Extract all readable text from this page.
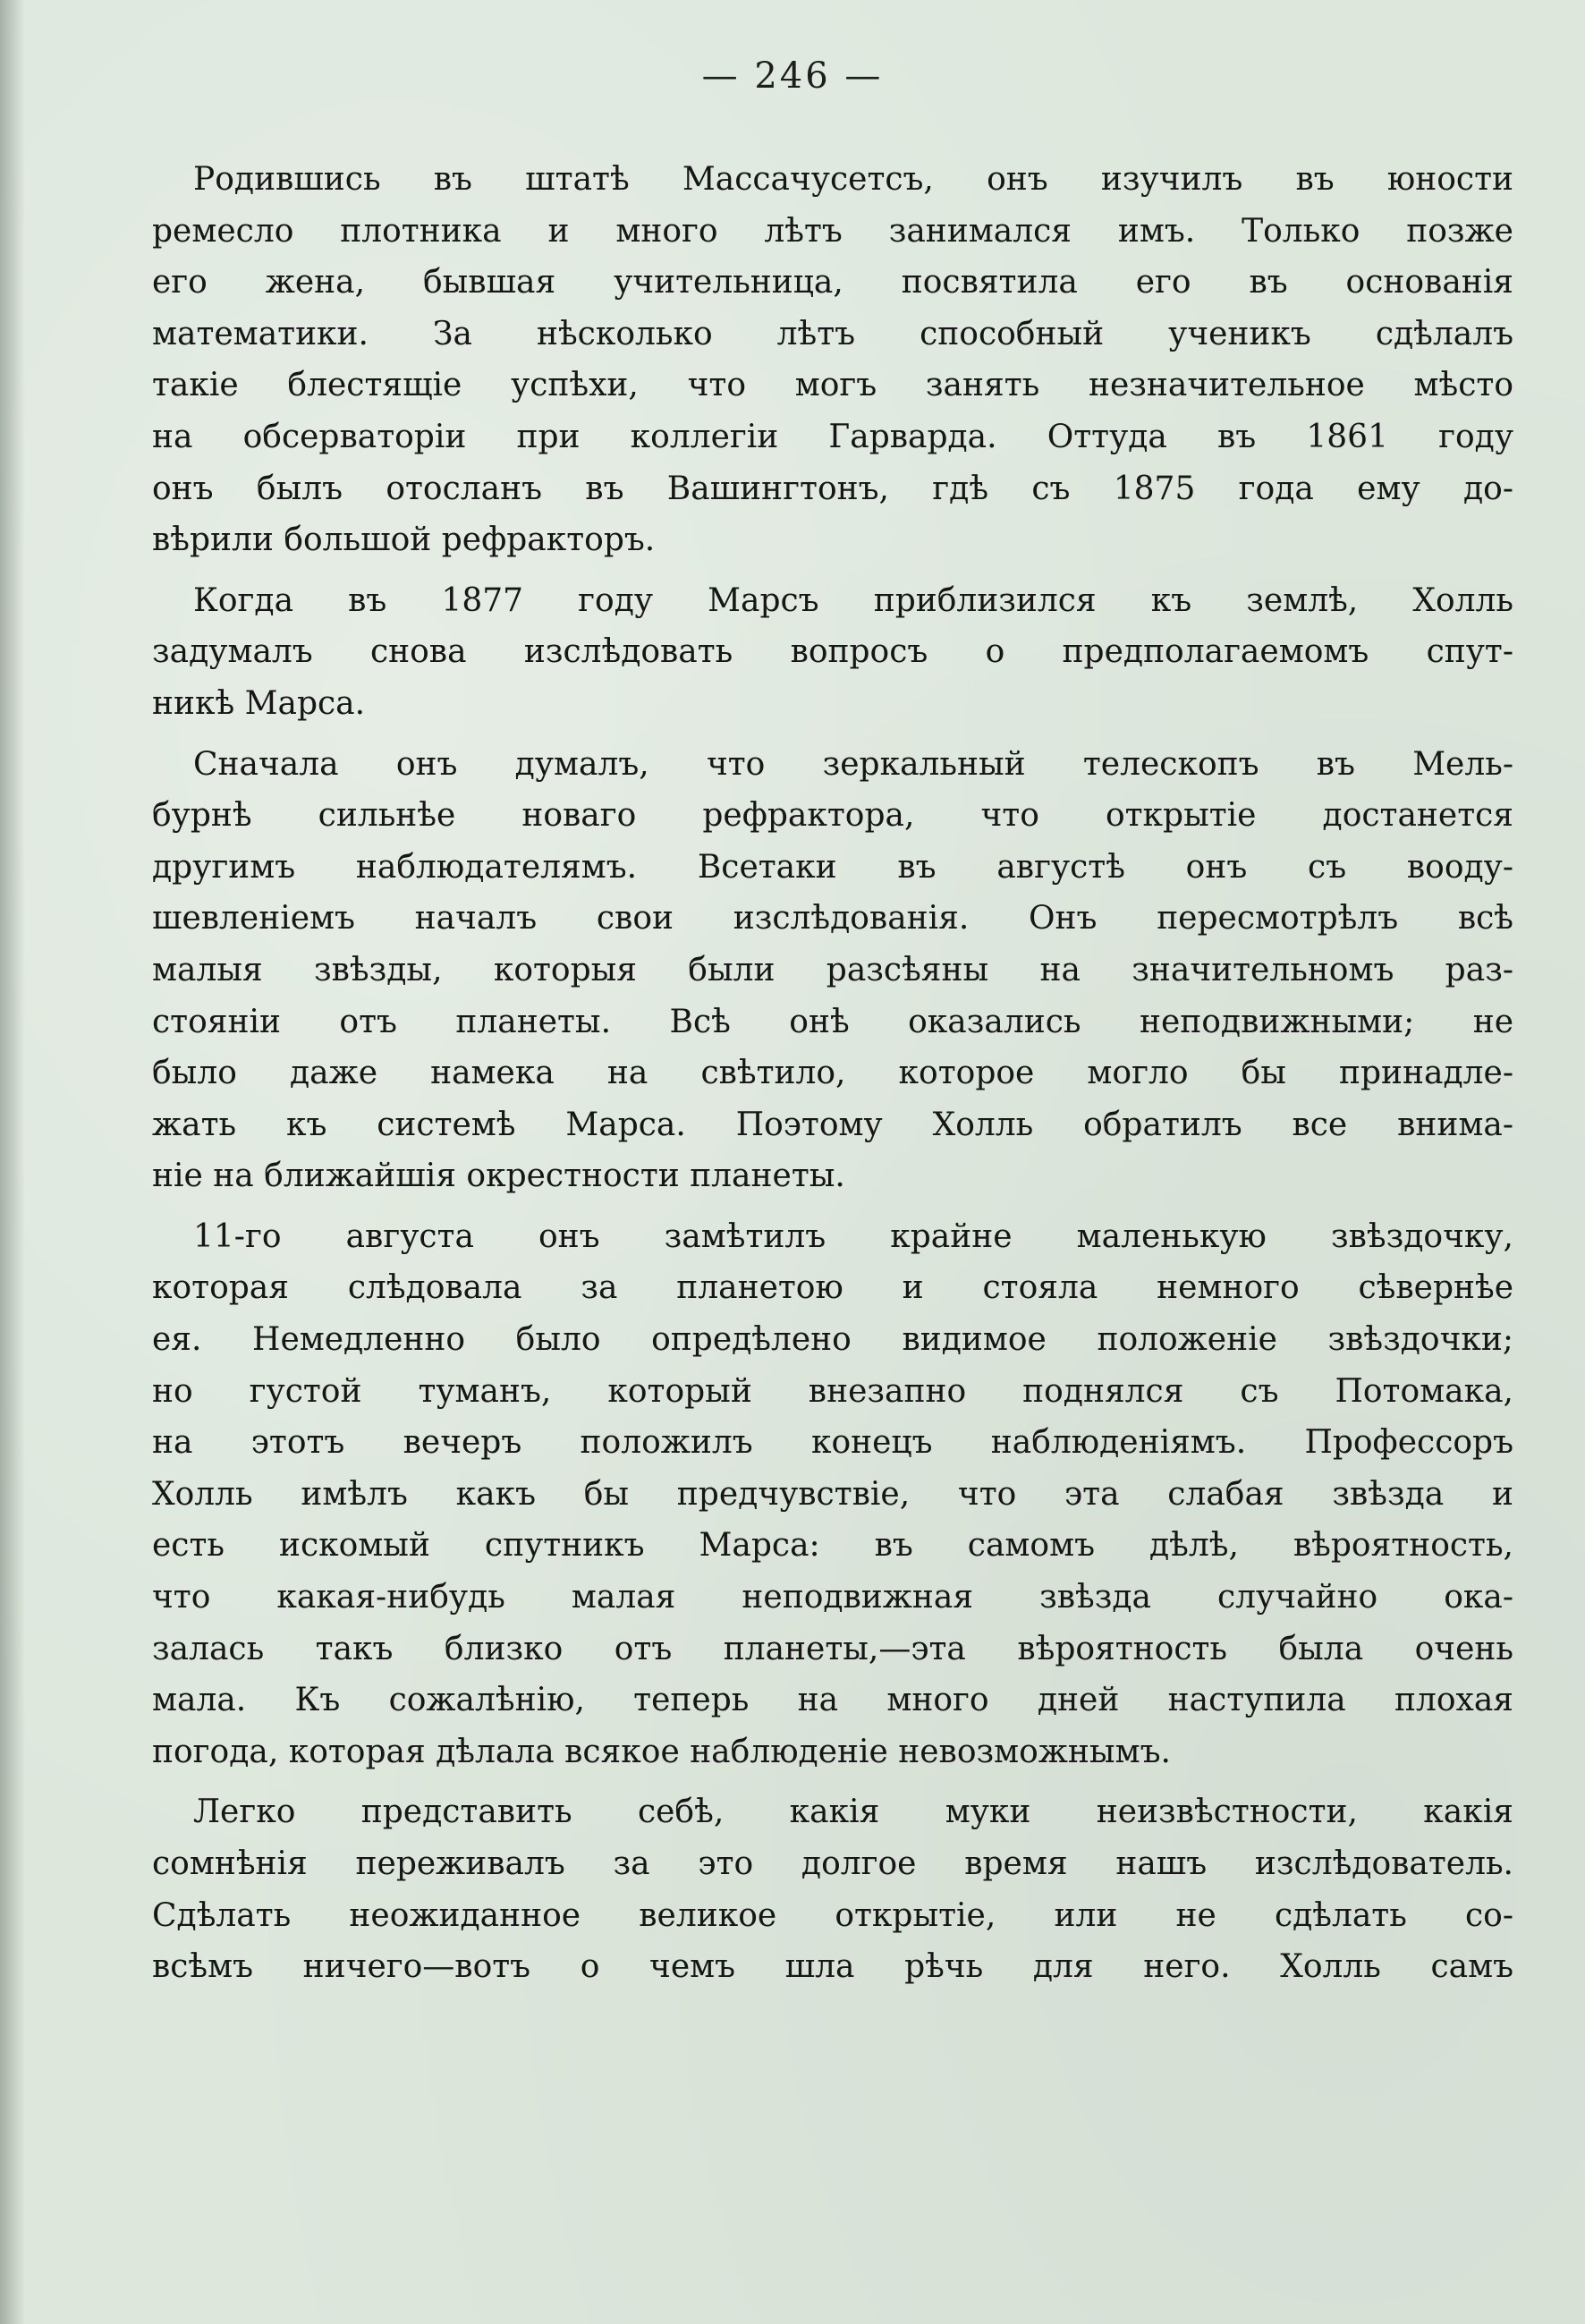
— 246 —

Родившись въ штатѣ Массачусетсъ, онъ изучилъ въ юности
ремесло плотника и много лѣтъ занимался имъ. Только позже
его жена, бывшая учительница, посвятила его въ основанія
математики. За нѣсколько лѣтъ способный ученикъ сдѣлалъ
такіе блестящіе успѣхи, что могъ занять незначительное мѣсто
на обсерваторіи при коллегіи Гарварда. Оттуда въ 1861 году
онъ былъ отосланъ въ Вашингтонъ, гдѣ съ 1875 года ему до-
вѣрили большой рефракторъ.

Когда въ 1877 году Марсъ приблизился къ землѣ, Холль
задумалъ снова изслѣдовать вопросъ о предполагаемомъ спут-
никѣ Марса.

Сначала онъ думалъ, что зеркальный телескопъ въ Мель-
бурнѣ сильнѣе новаго рефрактора, что открытіе достанется
другимъ наблюдателямъ. Всетаки въ августѣ онъ съ вооду-
шевленіемъ началъ свои изслѣдованія. Онъ пересмотрѣлъ всѣ
малыя звѣзды, которыя были разсѣяны на значительномъ раз-
стояніи отъ планеты. Всѣ онѣ оказались неподвижными; не
было даже намека на свѣтило, которое могло бы принадле-
жать къ системѣ Марса. Поэтому Холль обратилъ все внима-
ніе на ближайшія окрестности планеты.

11-го августа онъ замѣтилъ крайне маленькую звѣздочку,
которая слѣдовала за планетою и стояла немного сѣвернѣе
ея. Немедленно было опредѣлено видимое положеніе звѣздочки;
но густой туманъ, который внезапно поднялся съ Потомака,
на этотъ вечеръ положилъ конецъ наблюденіямъ. Профессоръ
Холль имѣлъ какъ бы предчувствіе, что эта слабая звѣзда и
есть искомый спутникъ Марса: въ самомъ дѣлѣ, вѣроятность,
что какая-нибудь малая неподвижная звѣзда случайно ока-
залась такъ близко отъ планеты,—эта вѣроятность была очень
мала. Къ сожалѣнію, теперь на много дней наступила плохая
погода, которая дѣлала всякое наблюденіе невозможнымъ.

Легко представить себѣ, какія муки неизвѣстности, какія
сомнѣнія переживалъ за это долгое время нашъ изслѣдователь.
Сдѣлать неожиданное великое открытіе, или не сдѣлать со-
всѣмъ ничего—вотъ о чемъ шла рѣчь для него. Холль самъ
